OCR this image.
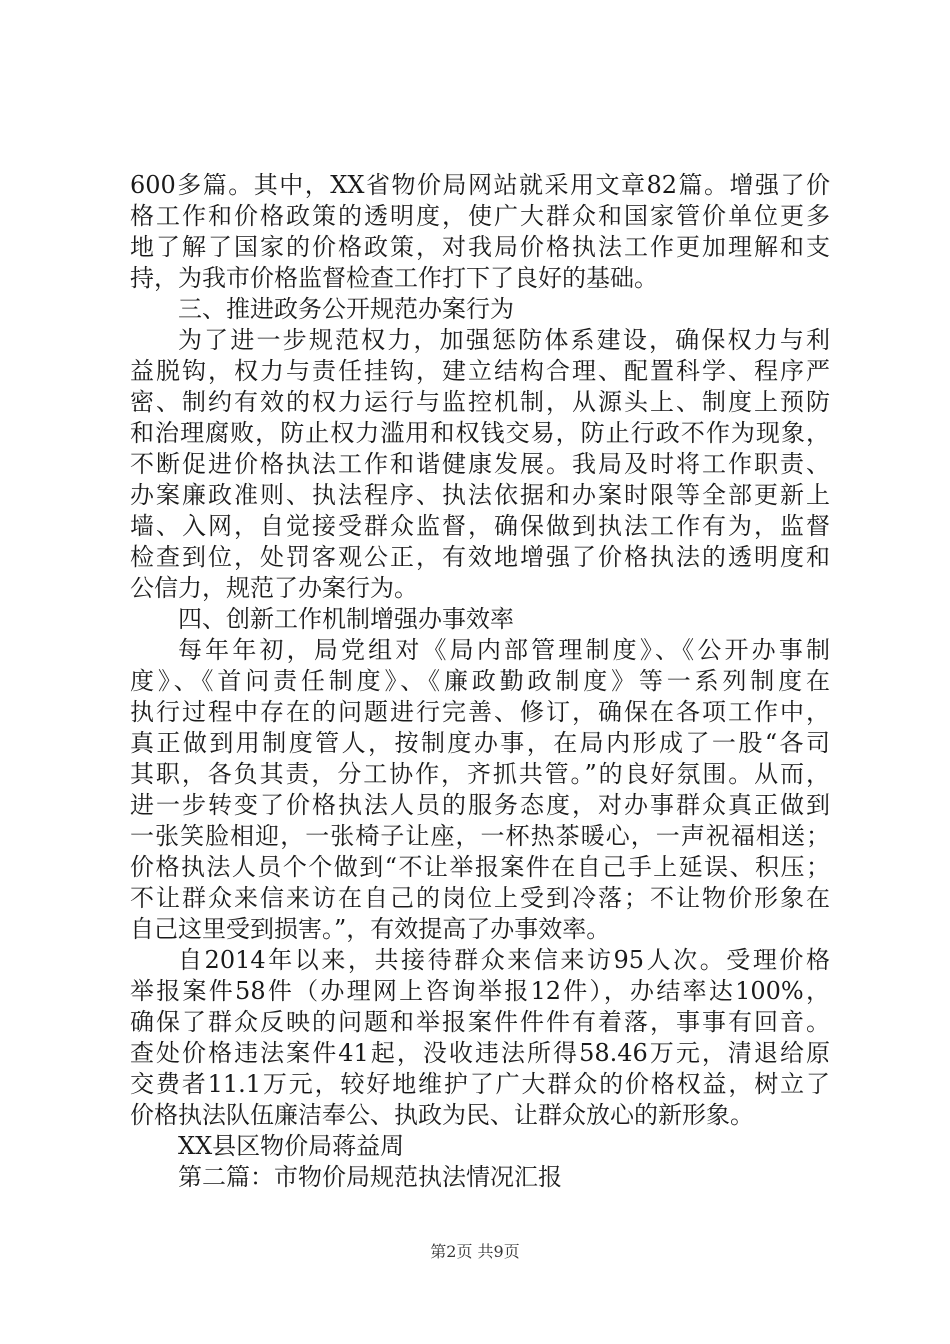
600多篇。其中，XX省物价局网站就采用文章82篇。增强了价
格工作和价格政策的透明度，使广大群众和国家管价单位更多
地了解了国家的价格政策，对我局价格执法工作更加理解和支
持，为我市价格监督检查工作打下了良好的基础。
三、推进政务公开规范办案行为
为了进一步规范权力，加强惩防体系建设，确保权力与利
益脱钩，权力与责任挂钩，建立结构合理、配置科学、程序严
密、制约有效的权力运行与监控机制，从源头上、制度上预防
和治理腐败，防止权力滥用和权钱交易，防止行政不作为现象，
不断促进价格执法工作和谐健康发展。我局及时将工作职责、
办案廉政准则、执法程序、执法依据和办案时限等全部更新上
墙、入网，自觉接受群众监督，确保做到执法工作有为，监督
检查到位，处罚客观公正，有效地增强了价格执法的透明度和
公信力，规范了办案行为。
四、创新工作机制增强办事效率
每年年初，局党组对《局内部管理制度》、《公开办事制
度》、《首问责任制度》、《廉政勤政制度》等一系列制度在
执行过程中存在的问题进行完善、修订，确保在各项工作中，
真正做到用制度管人，按制度办事，在局内形成了一股“各司
其职，各负其责，分工协作，齐抓共管。”的良好氛围。从而，
进一步转变了价格执法人员的服务态度，对办事群众真正做到
一张笑脸相迎，一张椅子让座，一杯热茶暖心，一声祝福相送；
价格执法人员个个做到“不让举报案件在自己手上延误、积压；
不让群众来信来访在自己的岗位上受到冷落；不让物价形象在
自己这里受到损害。”，有效提高了办事效率。
自2014年以来，共接待群众来信来访95人次。受理价格
举报案件58件（办理网上咨询举报12件），办结率达100%，
确保了群众反映的问题和举报案件件件有着落，事事有回音。
查处价格违法案件41起，没收违法所得58.46万元，清退给原
交费者11.1万元，较好地维护了广大群众的价格权益，树立了
价格执法队伍廉洁奉公、执政为民、让群众放心的新形象。
XX县区物价局蒋益周
第二篇：市物价局规范执法情况汇报
第2页 共9页
